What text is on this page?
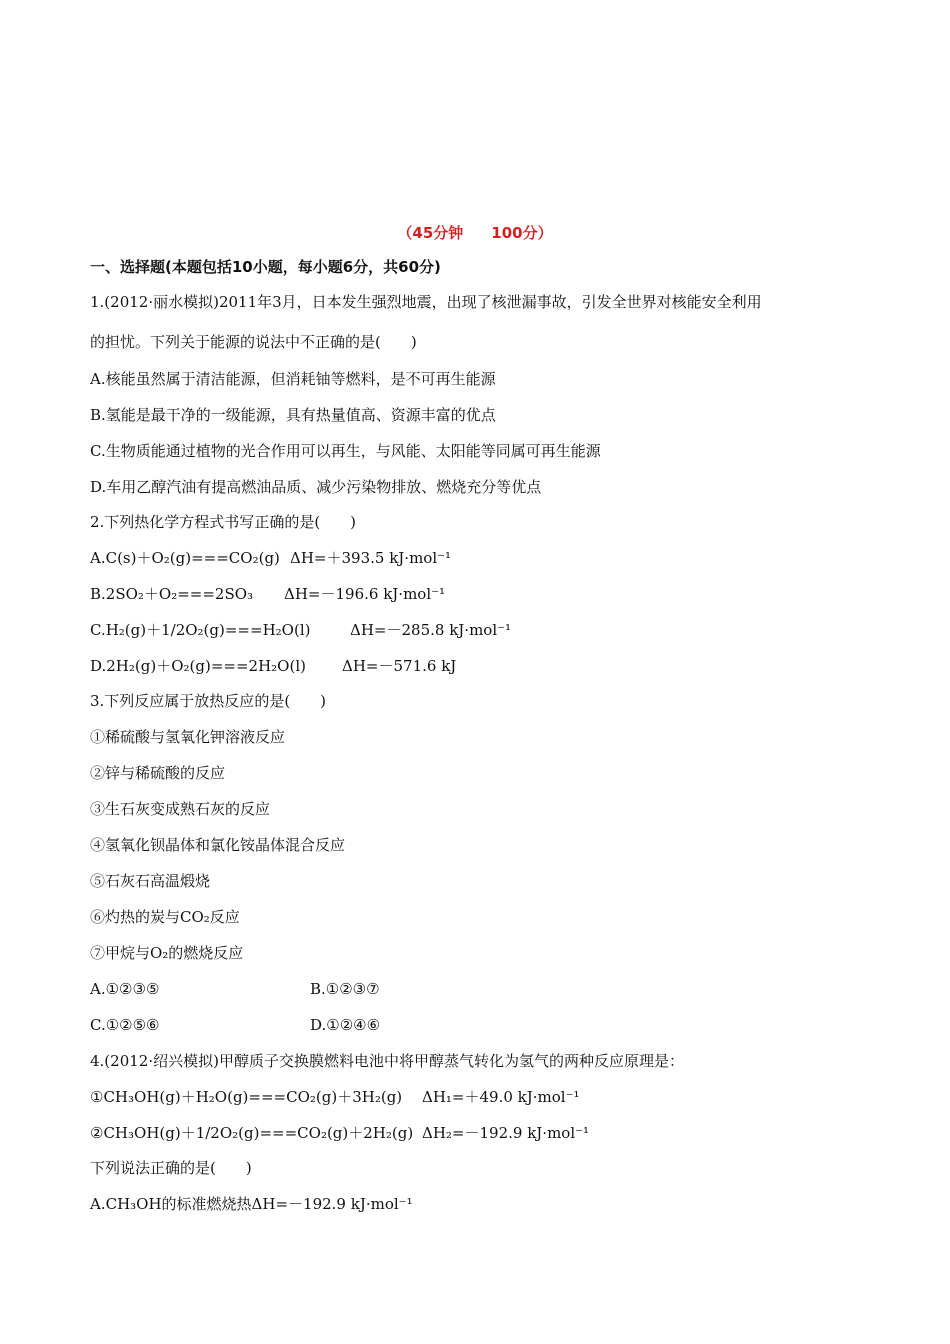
（45分钟 100分）
一、选择题(本题包括10小题，每小题6分，共60分)
1.(2012·丽水模拟)2011年3月，日本发生强烈地震，出现了核泄漏事故，引发全世界对核能安全利用
的担忧。下列关于能源的说法中不正确的是(　　)
A.核能虽然属于清洁能源，但消耗铀等燃料，是不可再生能源
B.氢能是最干净的一级能源，具有热量值高、资源丰富的优点
C.生物质能通过植物的光合作用可以再生，与风能、太阳能等同属可再生能源
D.车用乙醇汽油有提高燃油品质、减少污染物排放、燃烧充分等优点
2.下列热化学方程式书写正确的是(　　)
A.C(s)＋O₂(g)===CO₂(g) ΔH=＋393.5 kJ·mol⁻¹
B.2SO₂＋O₂===2SO₃ ΔH=－196.6 kJ·mol⁻¹
C.H₂(g)＋1/2O₂(g)===H₂O(l)	ΔH=－285.8 kJ·mol⁻¹
D.2H₂(g)＋O₂(g)===2H₂O(l) ΔH=－571.6 kJ
3.下列反应属于放热反应的是(　　)
①稀硫酸与氢氧化钾溶液反应
②锌与稀硫酸的反应
③生石灰变成熟石灰的反应
④氢氧化钡晶体和氯化铵晶体混合反应
⑤石灰石高温煅烧
⑥灼热的炭与CO₂反应
⑦甲烷与O₂的燃烧反应
A.①②③⑤	B.①②③⑦
C.①②⑤⑥	D.①②④⑥
4.(2012·绍兴模拟)甲醇质子交换膜燃料电池中将甲醇蒸气转化为氢气的两种反应原理是：
①CH₃OH(g)＋H₂O(g)===CO₂(g)＋3H₂(g) ΔH₁=＋49.0 kJ·mol⁻¹
②CH₃OH(g)＋1/2O₂(g)===CO₂(g)＋2H₂(g) ΔH₂=－192.9 kJ·mol⁻¹
下列说法正确的是(　　)
A.CH₃OH的标准燃烧热ΔH=－192.9 kJ·mol⁻¹
